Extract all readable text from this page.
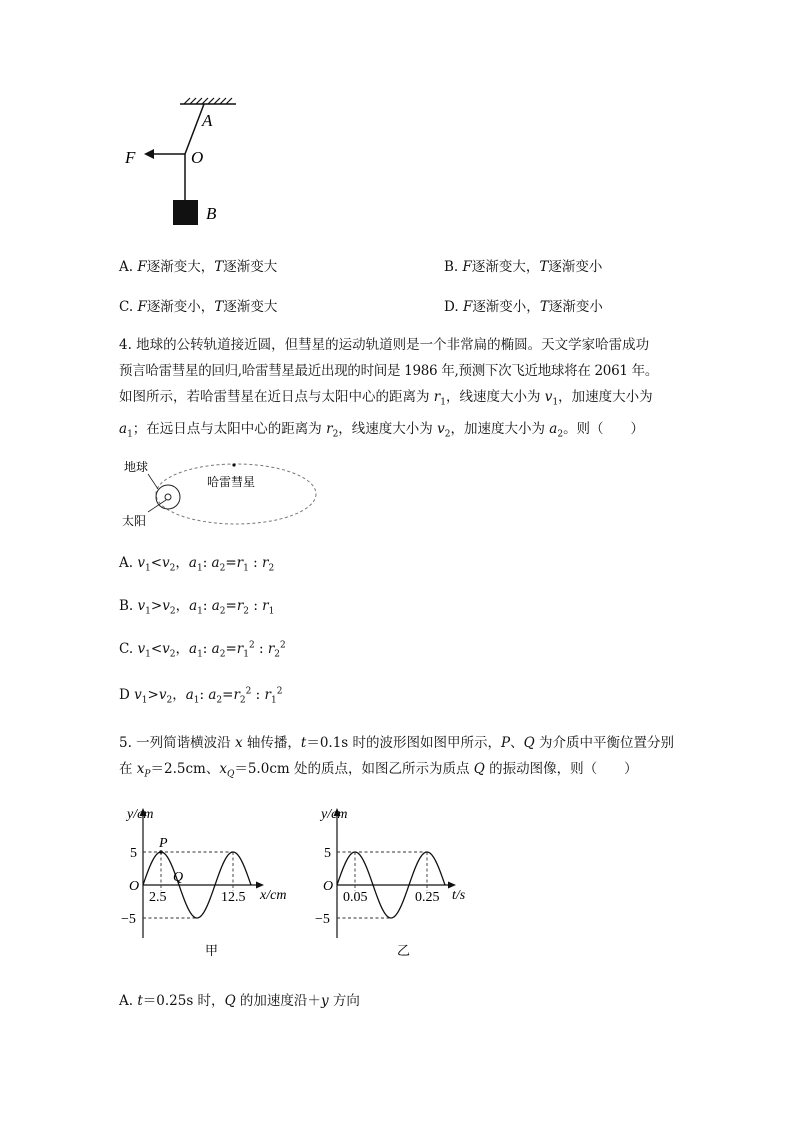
A
F	O
B
A. F逐渐变大，T逐渐变大	B. F逐渐变大，T逐渐变小
C. F逐渐变小，T逐渐变大	D. F逐渐变小，T逐渐变小
4. 地球的公转轨道接近圆，但彗星的运动轨道则是一个非常扁的椭圆。天文学家哈雷成功
预言哈雷彗星的回归,哈雷彗星最近出现的时间是 1986 年,预测下次飞近地球将在 2061 年。
如图所示，若哈雷彗星在近日点与太阳中心的距离为 $r_1$，线速度大小为 $v_1$，加速度大小为
$a_1$；在远日点与太阳中心的距离为 $r_2$，线速度大小为 $v_2$，加速度大小为 $a_2$。则（　　）
地球
哈雷彗星
太阳
A. $v_1<v_2$，$a_1$: $a_2=r_1$ : $r_2$
B. $v_1>v_2$，$a_1$: $a_2=r_2$ : $r_1$
C. $v_1<v_2$，$a_1$: $a_2=r_1^2$ : $r_2^2$
D $v_1>v_2$，$a_1$: $a_2=r_2^2$ : $r_1^2$
5. 一列简谐横波沿 x 轴传播，t＝0.1s 时的波形图如图甲所示，P、Q 为介质中平衡位置分别
在 $x_P=2.5cm$、$x_Q=5.0cm$ 处的质点，如图乙所示为质点 Q 的振动图像，则（　　）
y/cm
O
5
−5
2.5	12.5 x/cm
甲
P
Q
y/cm
O
5
−5
0.05	0.25 t/s
乙
A. t＝0.25s 时，Q 的加速度沿＋y 方向
